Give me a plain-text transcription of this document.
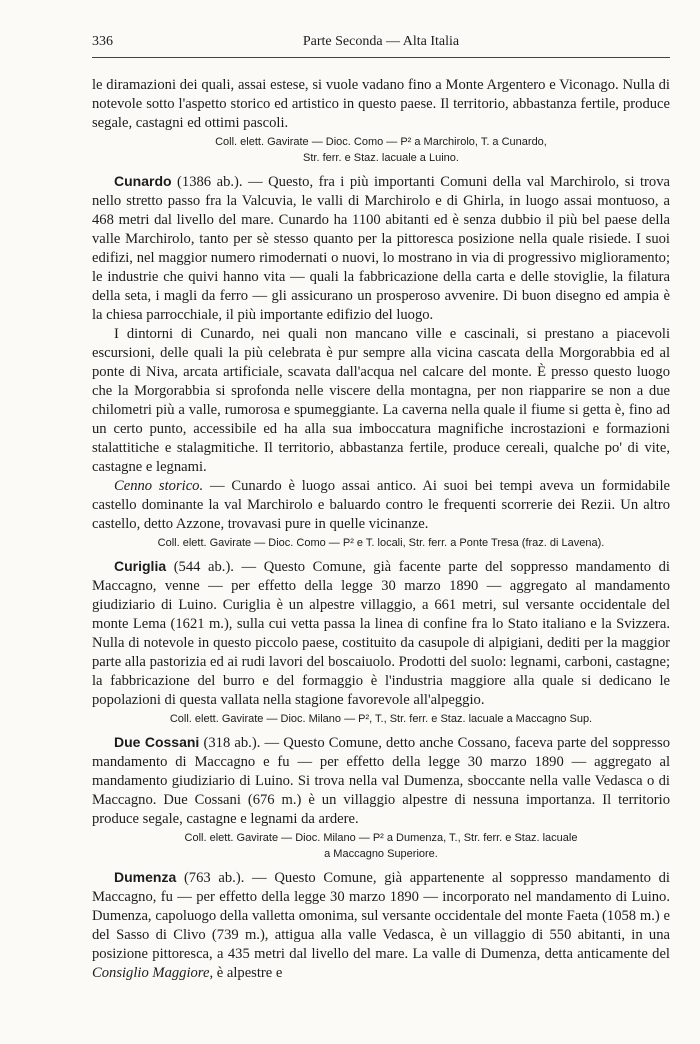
336	Parte Seconda — Alta Italia

le diramazioni dei quali, assai estese, si vuole vadano fino a Monte Argentero e Viconago. Nulla di notevole sotto l'aspetto storico ed artistico in questo paese. Il territorio, abbastanza fertile, produce segale, castagni ed ottimi pascoli.

Coll. elett. Gavirate — Dioc. Como — P² a Marchirolo, T. a Cunardo,
Str. ferr. e Staz. lacuale a Luino.

Cunardo (1386 ab.). — Questo, fra i più importanti Comuni della val Marchirolo, si trova nello stretto passo fra la Valcuvia, le valli di Marchirolo e di Ghirla, in luogo assai montuoso, a 468 metri dal livello del mare. Cunardo ha 1100 abitanti ed è senza dubbio il più bel paese della valle Marchirolo, tanto per sè stesso quanto per la pittoresca posizione nella quale risiede. I suoi edifizi, nel maggior numero rimodernati o nuovi, lo mostrano in via di progressivo miglioramento; le industrie che quivi hanno vita — quali la fabbricazione della carta e delle stoviglie, la filatura della seta, i magli da ferro — gli assicurano un prosperoso avvenire. Di buon disegno ed ampia è la chiesa parrocchiale, il più importante edifizio del luogo.

I dintorni di Cunardo, nei quali non mancano ville e cascinali, si prestano a piacevoli escursioni, delle quali la più celebrata è pur sempre alla vicina cascata della Morgorabbia ed al ponte di Niva, arcata artificiale, scavata dall'acqua nel calcare del monte. È presso questo luogo che la Morgorabbia si sprofonda nelle viscere della montagna, per non riapparire se non a due chilometri più a valle, rumorosa e spumeggiante. La caverna nella quale il fiume si getta è, fino ad un certo punto, accessibile ed ha alla sua imboccatura magnifiche incrostazioni e formazioni stalattitiche e stalagmitiche. Il territorio, abbastanza fertile, produce cereali, qualche po' di vite, castagne e legnami.

Cenno storico. — Cunardo è luogo assai antico. Ai suoi bei tempi aveva un formidabile castello dominante la val Marchirolo e baluardo contro le frequenti scorrerie dei Rezii. Un altro castello, detto Azzone, trovavasi pure in quelle vicinanze.

Coll. elett. Gavirate — Dioc. Como — P² e T. locali, Str. ferr. a Ponte Tresa (fraz. di Lavena).

Curiglia (544 ab.). — Questo Comune, già facente parte del soppresso mandamento di Maccagno, venne — per effetto della legge 30 marzo 1890 — aggregato al mandamento giudiziario di Luino. Curiglia è un alpestre villaggio, a 661 metri, sul versante occidentale del monte Lema (1621 m.), sulla cui vetta passa la linea di confine fra lo Stato italiano e la Svizzera. Nulla di notevole in questo piccolo paese, costituito da casupole di alpigiani, dediti per la maggior parte alla pastorizia ed ai rudi lavori del boscaiuolo. Prodotti del suolo: legnami, carboni, castagne; la fabbricazione del burro e del formaggio è l'industria maggiore alla quale si dedicano le popolazioni di questa vallata nella stagione favorevole all'alpeggio.

Coll. elett. Gavirate — Dioc. Milano — P², T., Str. ferr. e Staz. lacuale a Maccagno Sup.

Due Cossani (318 ab.). — Questo Comune, detto anche Cossano, faceva parte del soppresso mandamento di Maccagno e fu — per effetto della legge 30 marzo 1890 — aggregato al mandamento giudiziario di Luino. Si trova nella val Dumenza, sboccante nella valle Vedasca o di Maccagno. Due Cossani (676 m.) è un villaggio alpestre di nessuna importanza. Il territorio produce segale, castagne e legnami da ardere.

Coll. elett. Gavirate — Dioc. Milano — P² a Dumenza, T., Str. ferr. e Staz. lacuale
a Maccagno Superiore.

Dumenza (763 ab.). — Questo Comune, già appartenente al soppresso mandamento di Maccagno, fu — per effetto della legge 30 marzo 1890 — incorporato nel mandamento di Luino. Dumenza, capoluogo della valletta omonima, sul versante occidentale del monte Faeta (1058 m.) e del Sasso di Clivo (739 m.), attigua alla valle Vedasca, è un villaggio di 550 abitanti, in una posizione pittoresca, a 435 metri dal livello del mare. La valle di Dumenza, detta anticamente del Consiglio Maggiore, è alpestre e
